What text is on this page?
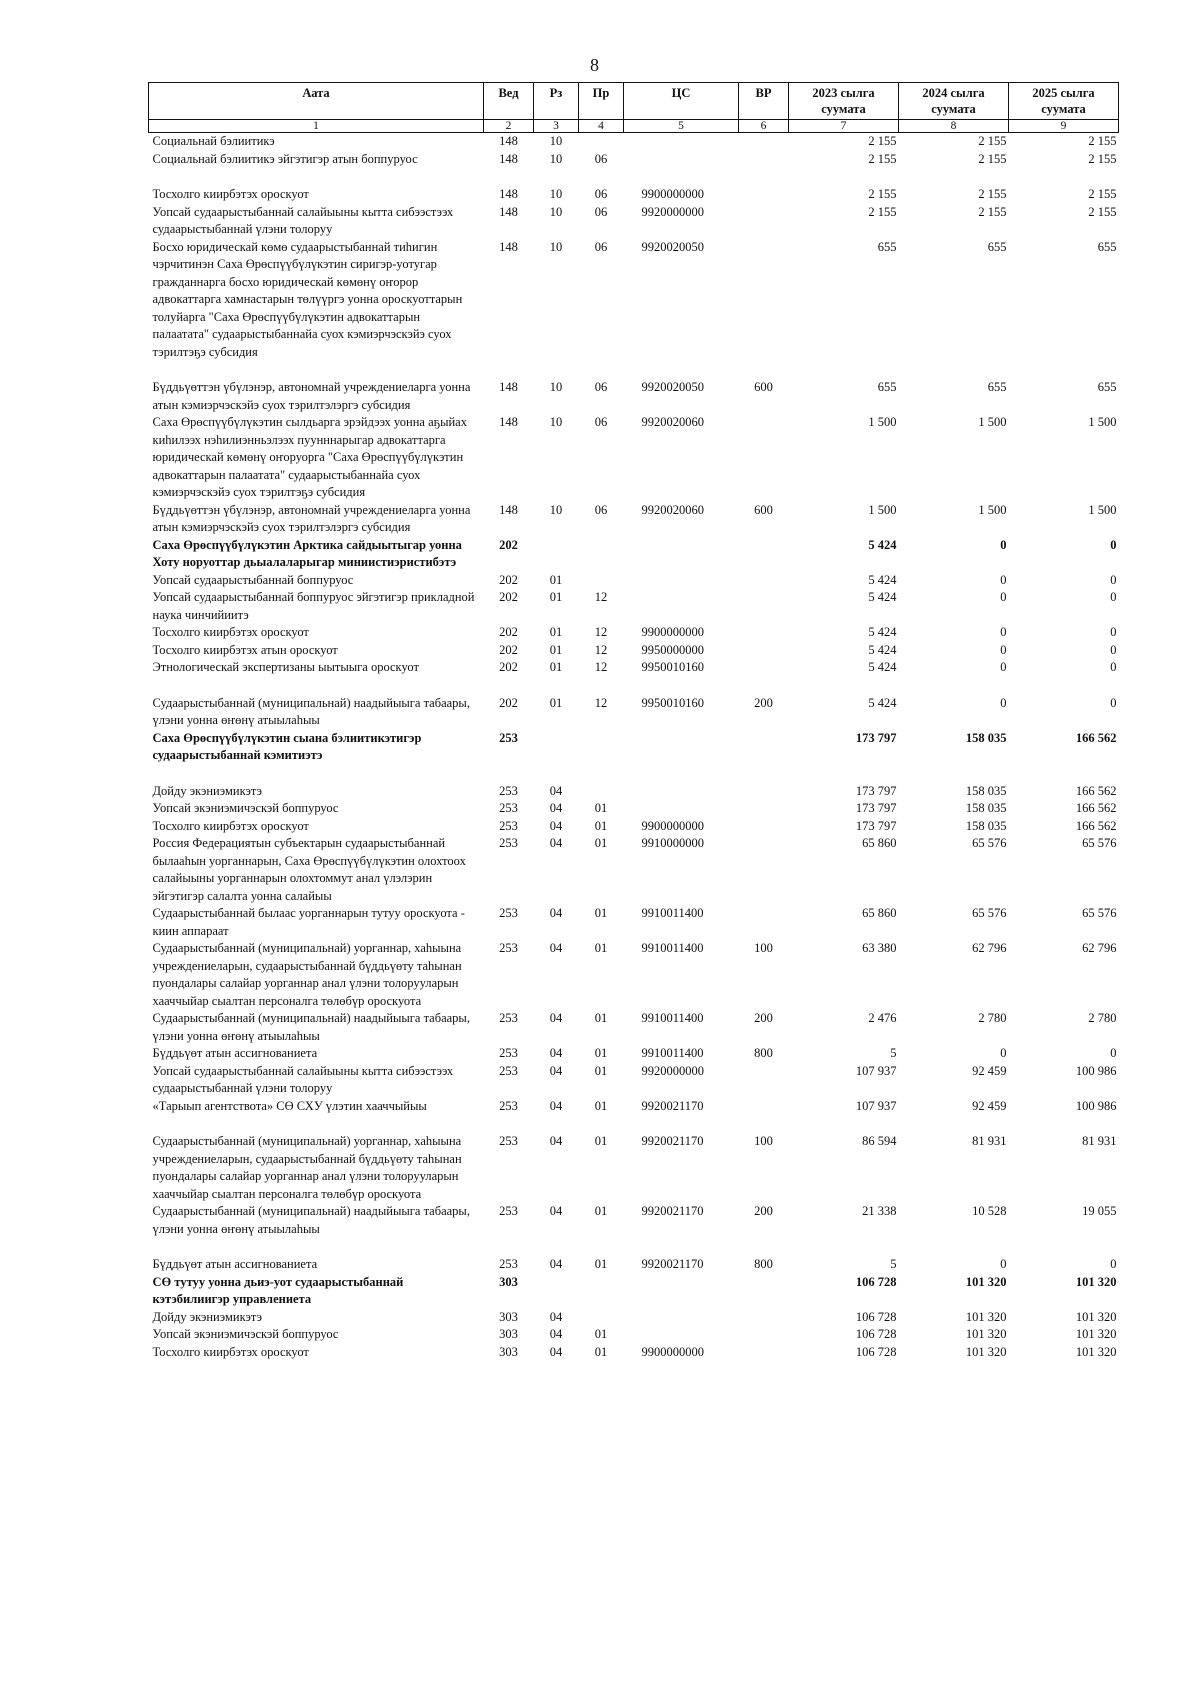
8
Аата	Вед	Рз	Пр	ЦС	ВР	2023 сылга суумата	2024 сылга суумата	2025 сылга суумата
1	2	3	4	5	6	7	8	9
Социальнай бэлиитикэ	148	10				2 155	2 155	2 155
Социальнай бэлиитикэ эйгэтигэр атын боппуруос	148	10	06			2 155	2 155	2 155
Тосхолго киирбэтэх ороскуот	148	10	06	9900000000		2 155	2 155	2 155
Уопсай судаарыстыбаннай салайыыны кытта сибээстээх судаарыстыбаннай үлэни толоруу	148	10	06	9920000000		2 155	2 155	2 155
Босхо юридическай көмө судаарыстыбаннай тиһигин чэрчитинэн Саха Өрөспүүбүлүкэтин сиригэр-уотугар гражданнарга босхо юридическай көмөнү оҥорор адвокаттарга хамнастарын төлүүргэ уонна ороскуоттарын толуйарга "Саха Өрөспүүбүлүкэтин адвокаттарын палаатата" судаарыстыбаннайа суох кэмиэрчэскэйэ суох тэрилтэҕэ субсидия	148	10	06	9920020050		655	655	655
Бүддьүөттэн үбүлэнэр, автономнай учреждениеларга уонна атын кэмиэрчэскэйэ суох тэрилтэлэргэ субсидия	148	10	06	9920020050	600	655	655	655
Саха Өрөспүүбүлүкэтин сылдьарга эрэйдээх уонна аҕыйах киһилээх нэһилиэнньэлээх пуунннарыгар адвокаттарга юридическай көмөнү оҥоруорга "Саха Өрөспүүбүлүкэтин адвокаттарын палаатата" судаарыстыбаннайа суох кэмиэрчэскэйэ суох тэрилтэҕэ субсидия	148	10	06	9920020060		1 500	1 500	1 500
Бүддьүөттэн үбүлэнэр, автономнай учреждениеларга уонна атын кэмиэрчэскэйэ суох тэрилтэлэргэ субсидия	148	10	06	9920020060	600	1 500	1 500	1 500
Саха Өрөспүүбүлүкэтин Арктика сайдыытыгар уонна Хоту норуоттар дьыалаларыгар миниистиэристибэтэ	202					5 424	0	0
Уопсай судаарыстыбаннай боппуруос	202	01				5 424	0	0
Уопсай судаарыстыбаннай боппуруос эйгэтигэр прикладной наука чинчийиитэ	202	01	12			5 424	0	0
Тосхолго киирбэтэх ороскуот	202	01	12	9900000000		5 424	0	0
Тосхолго киирбэтэх атын ороскуот	202	01	12	9950000000		5 424	0	0
Этнологическай экспертизаны ыытыыга ороскуот	202	01	12	9950010160		5 424	0	0
Судаарыстыбаннай (муниципальнай) наадыйыыга табаары, үлэни уонна өҥөнү атыылаһыы	202	01	12	9950010160	200	5 424	0	0
Саха Өрөспүүбүлүкэтин сыана бэлиитикэтигэр судаарыстыбаннай кэмитиэтэ	253					173 797	158 035	166 562
Дойду экэниэмикэтэ	253	04				173 797	158 035	166 562
Уопсай экэниэмичэскэй боппуруос	253	04	01			173 797	158 035	166 562
Тосхолго киирбэтэх ороскуот	253	04	01	9900000000		173 797	158 035	166 562
Россия Федерациятын субъектарын судаарыстыбаннай былааһын уорганнарын, Саха Өрөспүүбүлүкэтин олохтоох салайыыны уорганнарын олохтоммут анал үлэлэрин эйгэтигэр салалта уонна салайыы	253	04	01	9910000000		65 860	65 576	65 576
Судаарыстыбаннай былаас уорганнарын тутуу ороскуота - киин аппараат	253	04	01	9910011400		65 860	65 576	65 576
Судаарыстыбаннай (муниципальнай) уорганнар, хаһыына учреждениеларын, судаарыстыбаннай бүддьүөту таһынан пуондалары салайар уорганнар анал үлэни толорууларын хааччыйар сыалтан персоналга төлөбүр ороскуота	253	04	01	9910011400	100	63 380	62 796	62 796
Судаарыстыбаннай (муниципальнай) наадыйыыга табаары, үлэни уонна өҥөнү атыылаһыы	253	04	01	9910011400	200	2 476	2 780	2 780
Бүддьүөт атын ассигнованиета	253	04	01	9910011400	800	5	0	0
Уопсай судаарыстыбаннай салайыыны кытта сибээстээх судаарыстыбаннай үлэни толоруу	253	04	01	9920000000		107 937	92 459	100 986
«Тарыып агентствота» СӨ СХУ үлэтин хааччыйыы	253	04	01	9920021170		107 937	92 459	100 986
Судаарыстыбаннай (муниципальнай) уорганнар, хаһыына учреждениеларын, судаарыстыбаннай бүддьүөту таһынан пуондалары салайар уорганнар анал үлэни толорууларын хааччыйар сыалтан персоналга төлөбүр ороскуота	253	04	01	9920021170	100	86 594	81 931	81 931
Судаарыстыбаннай (муниципальнай) наадыйыыга табаары, үлэни уонна өҥөнү атыылаһыы	253	04	01	9920021170	200	21 338	10 528	19 055
Бүддьүөт атын ассигнованиета	253	04	01	9920021170	800	5	0	0
СӨ тутуу уонна дьиэ-уот судаарыстыбаннай кэтэбилиигэр управлениета	303					106 728	101 320	101 320
Дойду экэниэмикэтэ	303	04				106 728	101 320	101 320
Уопсай экэниэмичэскэй боппуруос	303	04	01			106 728	101 320	101 320
Тосхолго киирбэтэх ороскуот	303	04	01	9900000000		106 728	101 320	101 320
